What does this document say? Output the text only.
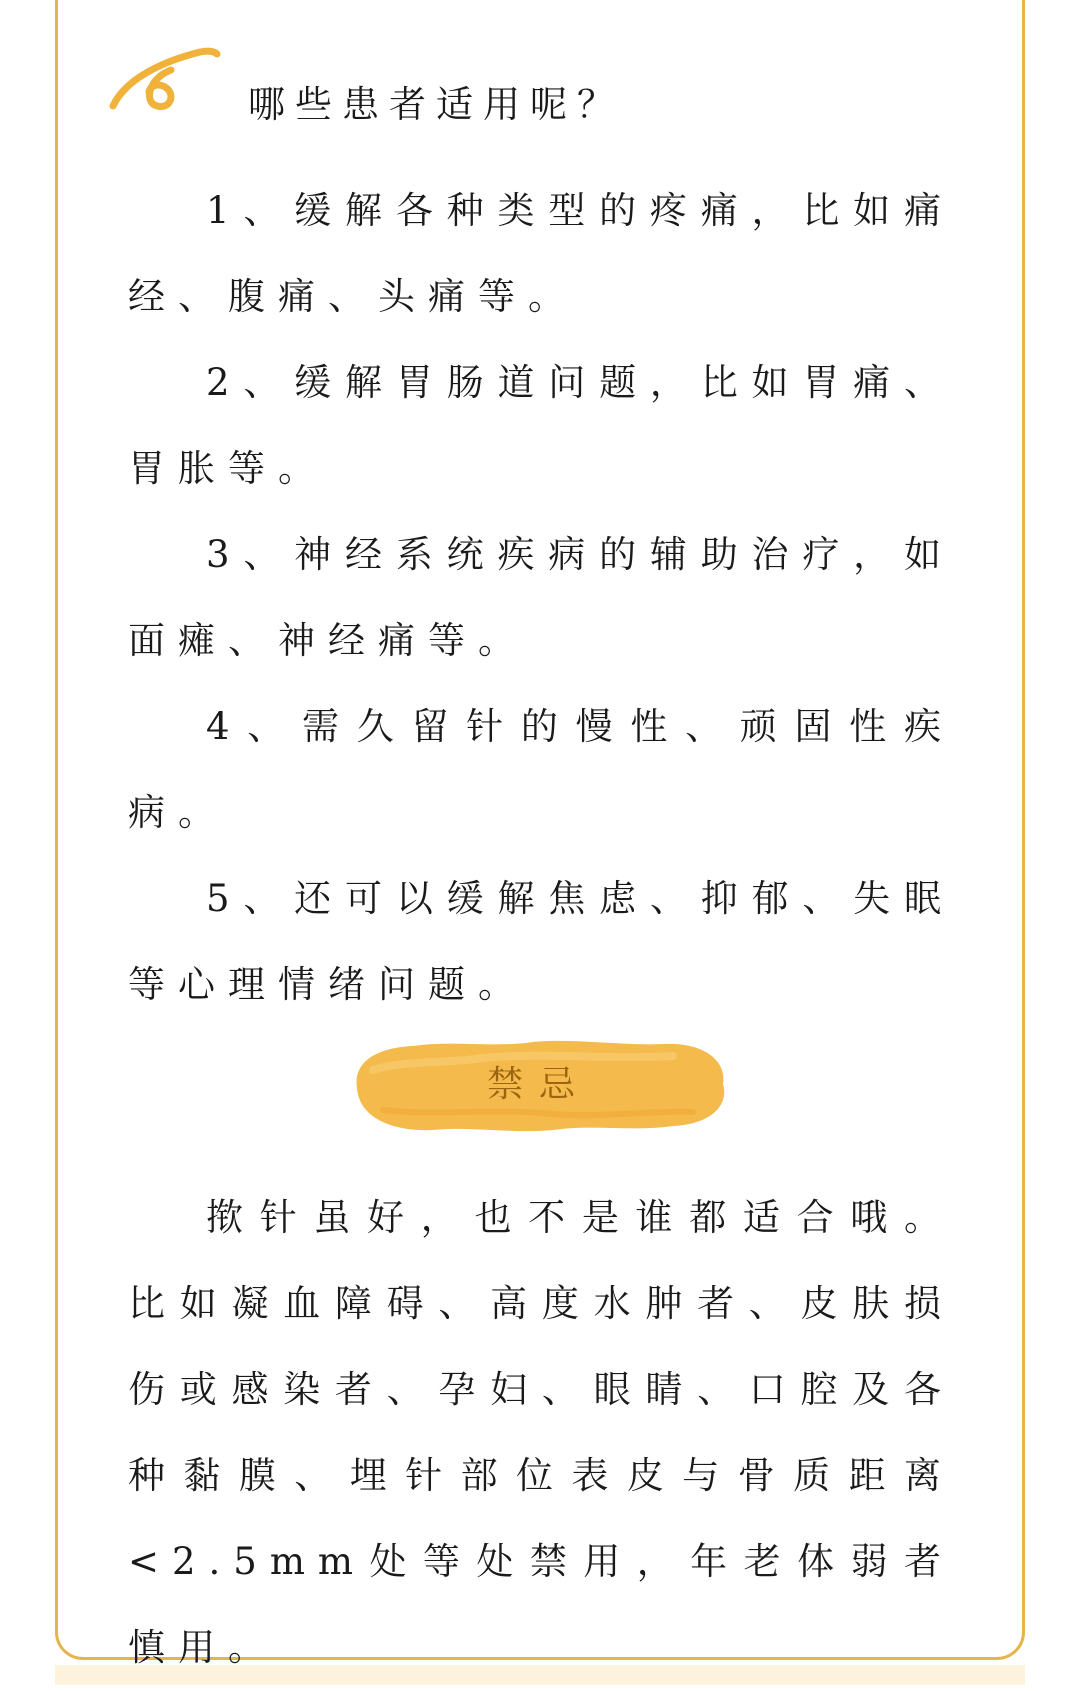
哪些患者适用呢？

1、缓解各种类型的疼痛，比如痛经、腹痛、头痛等。

2、缓解胃肠道问题，比如胃痛、胃胀等。

3、神经系统疾病的辅助治疗，如面瘫、神经痛等。

4、需久留针的慢性、顽固性疾病。

5、还可以缓解焦虑、抑郁、失眠等心理情绪问题。

禁忌

揿针虽好，也不是谁都适合哦。比如凝血障碍、高度水肿者、皮肤损伤或感染者、孕妇、眼睛、口腔及各种黏膜、埋针部位表皮与骨质距离<2.5mm处等处禁用，年老体弱者慎用。
